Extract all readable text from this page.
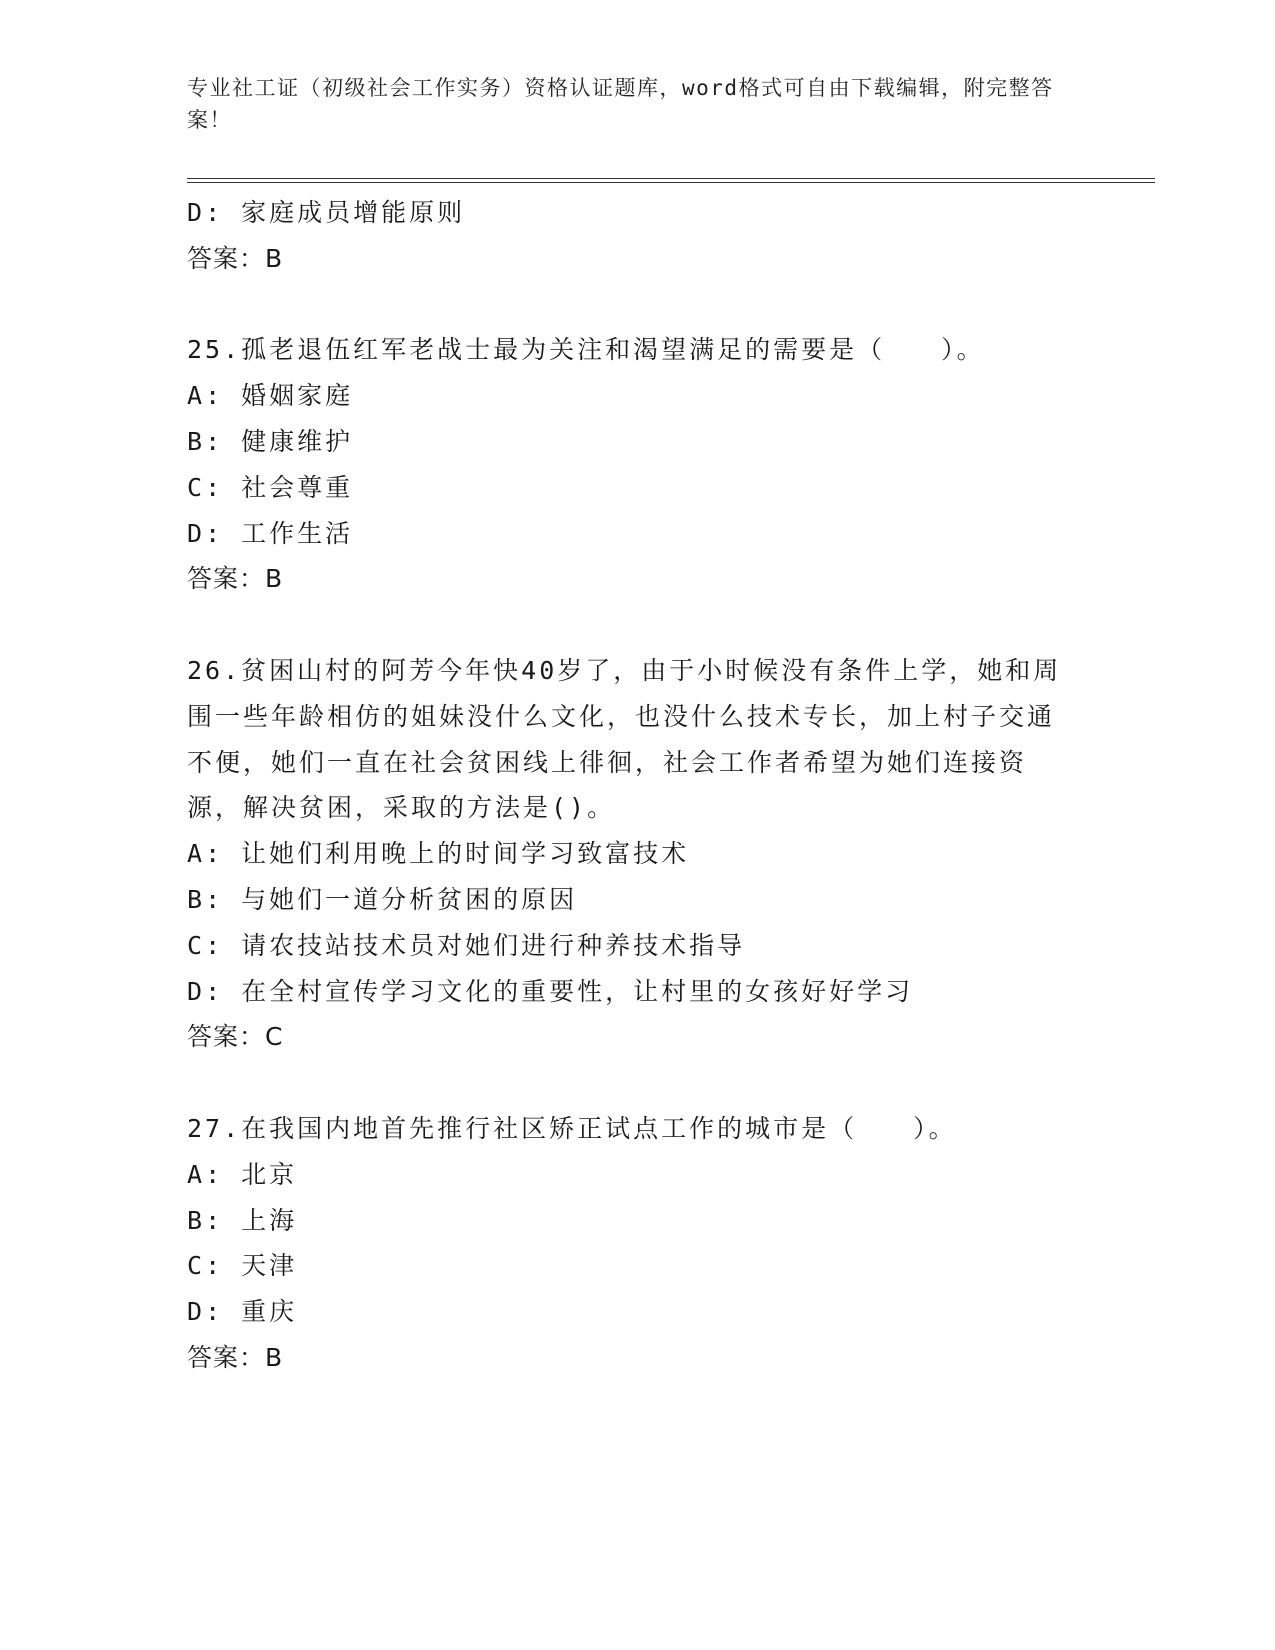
专业社工证（初级社会工作实务）资格认证题库，word格式可自由下载编辑，附完整答案！
D: 家庭成员增能原则
答案：B
25.孤老退伍红军老战士最为关注和渴望满足的需要是（　　）。
A: 婚姻家庭
B: 健康维护
C: 社会尊重
D: 工作生活
答案：B
26.贫困山村的阿芳今年快40岁了，由于小时候没有条件上学，她和周围一些年龄相仿的姐妹没什么文化，也没什么技术专长，加上村子交通不便，她们一直在社会贫困线上徘徊，社会工作者希望为她们连接资源，解决贫困，采取的方法是()。
A: 让她们利用晚上的时间学习致富技术
B: 与她们一道分析贫困的原因
C: 请农技站技术员对她们进行种养技术指导
D: 在全村宣传学习文化的重要性，让村里的女孩好好学习
答案：C
27.在我国内地首先推行社区矫正试点工作的城市是（　　）。
A: 北京
B: 上海
C: 天津
D: 重庆
答案：B
